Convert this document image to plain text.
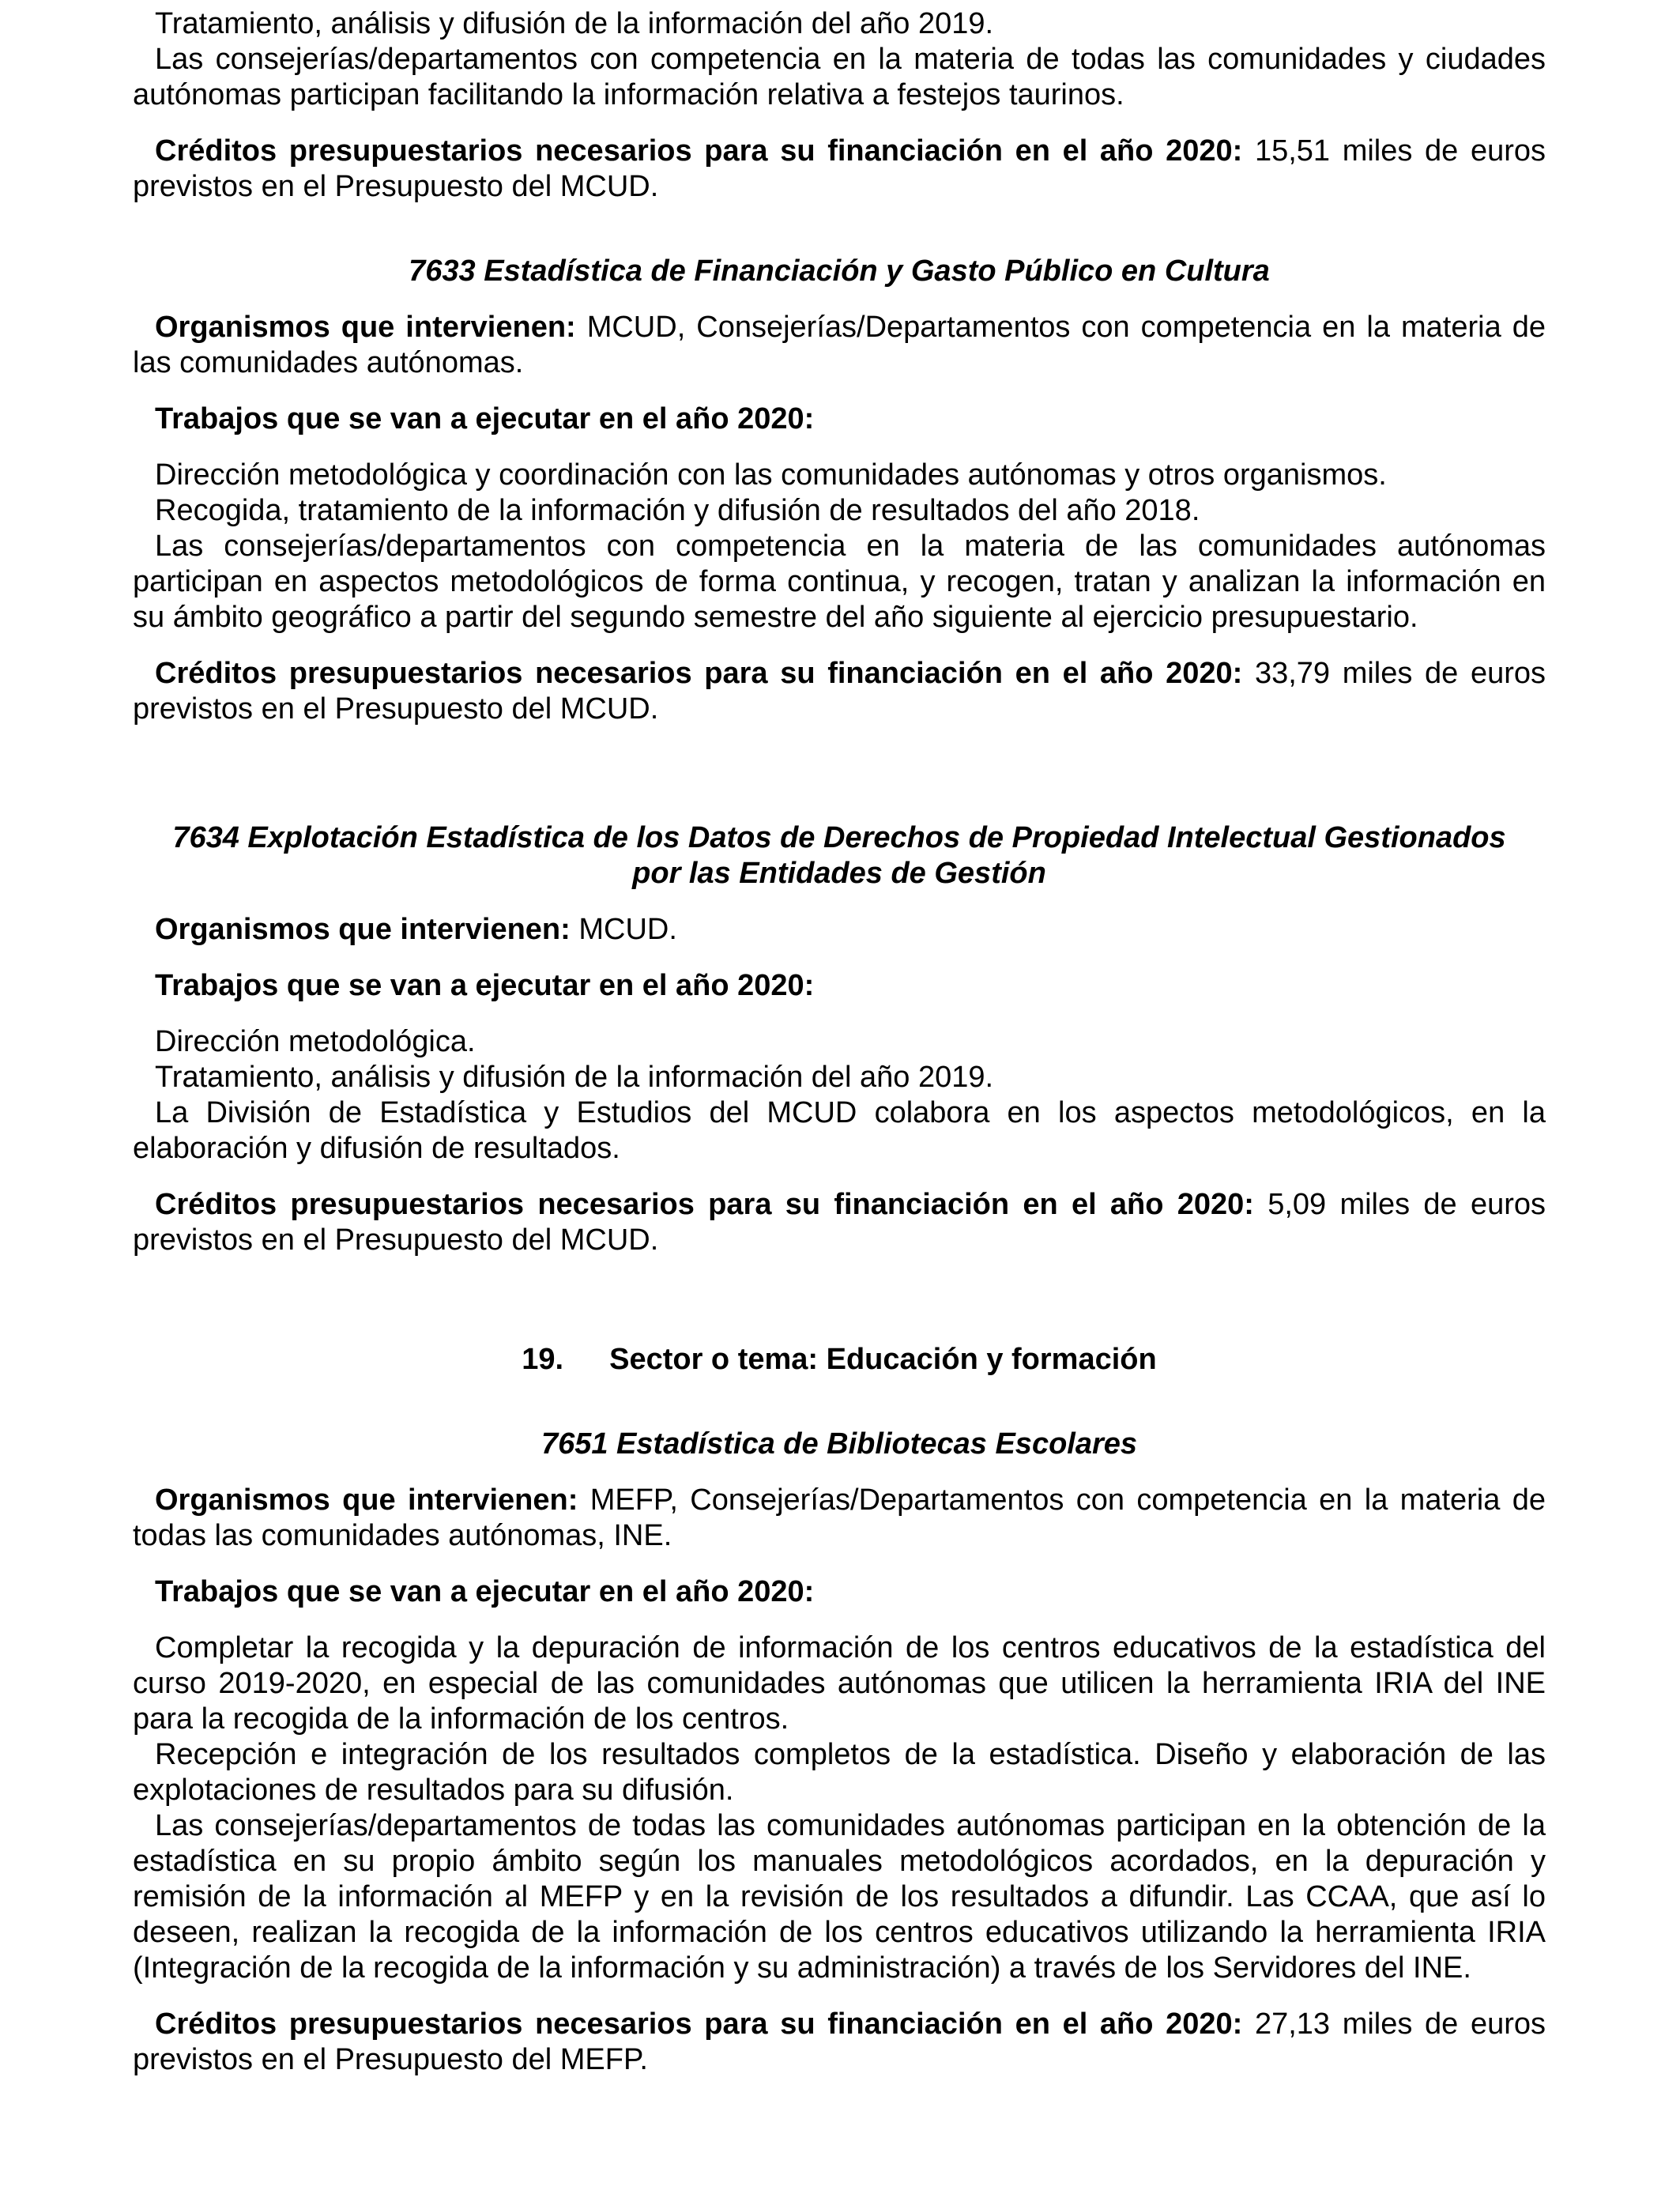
Tratamiento, análisis y difusión de la información del año 2019.

Las consejerías/departamentos con competencia en la materia de todas las comunidades y ciudades autónomas participan facilitando la información relativa a festejos taurinos.

Créditos presupuestarios necesarios para su financiación en el año 2020: 15,51 miles de euros previstos en el Presupuesto del MCUD.

7633 Estadística de Financiación y Gasto Público en Cultura

Organismos que intervienen: MCUD, Consejerías/Departamentos con competencia en la materia de las comunidades autónomas.

Trabajos que se van a ejecutar en el año 2020:

Dirección metodológica y coordinación con las comunidades autónomas y otros organismos.

Recogida, tratamiento de la información y difusión de resultados del año 2018.

Las consejerías/departamentos con competencia en la materia de las comunidades autónomas participan en aspectos metodológicos de forma continua, y recogen, tratan y analizan la información en su ámbito geográfico a partir del segundo semestre del año siguiente al ejercicio presupuestario.

Créditos presupuestarios necesarios para su financiación en el año 2020: 33,79 miles de euros previstos en el Presupuesto del MCUD.

7634 Explotación Estadística de los Datos de Derechos de Propiedad Intelectual Gestionados

por las Entidades de Gestión

Organismos que intervienen: MCUD.

Trabajos que se van a ejecutar en el año 2020:

Dirección metodológica.

Tratamiento, análisis y difusión de la información del año 2019.

La División de Estadística y Estudios del MCUD colabora en los aspectos metodológicos, en la elaboración y difusión de resultados.

Créditos presupuestarios necesarios para su financiación en el año 2020: 5,09 miles de euros previstos en el Presupuesto del MCUD.

19. Sector o tema: Educación y formación

7651 Estadística de Bibliotecas Escolares

Organismos que intervienen: MEFP, Consejerías/Departamentos con competencia en la materia de todas las comunidades autónomas, INE.

Trabajos que se van a ejecutar en el año 2020:

Completar la recogida y la depuración de información de los centros educativos de la estadística del curso 2019-2020, en especial de las comunidades autónomas que utilicen la herramienta IRIA del INE para la recogida de la información de los centros.

Recepción e integración de los resultados completos de la estadística. Diseño y elaboración de las explotaciones de resultados para su difusión.

Las consejerías/departamentos de todas las comunidades autónomas participan en la obtención de la estadística en su propio ámbito según los manuales metodológicos acordados, en la depuración y remisión de la información al MEFP y en la revisión de los resultados a difundir. Las CCAA, que así lo deseen, realizan la recogida de la información de los centros educativos utilizando la herramienta IRIA (Integración de la recogida de la información y su administración) a través de los Servidores del INE.

Créditos presupuestarios necesarios para su financiación en el año 2020: 27,13 miles de euros previstos en el Presupuesto del MEFP.
